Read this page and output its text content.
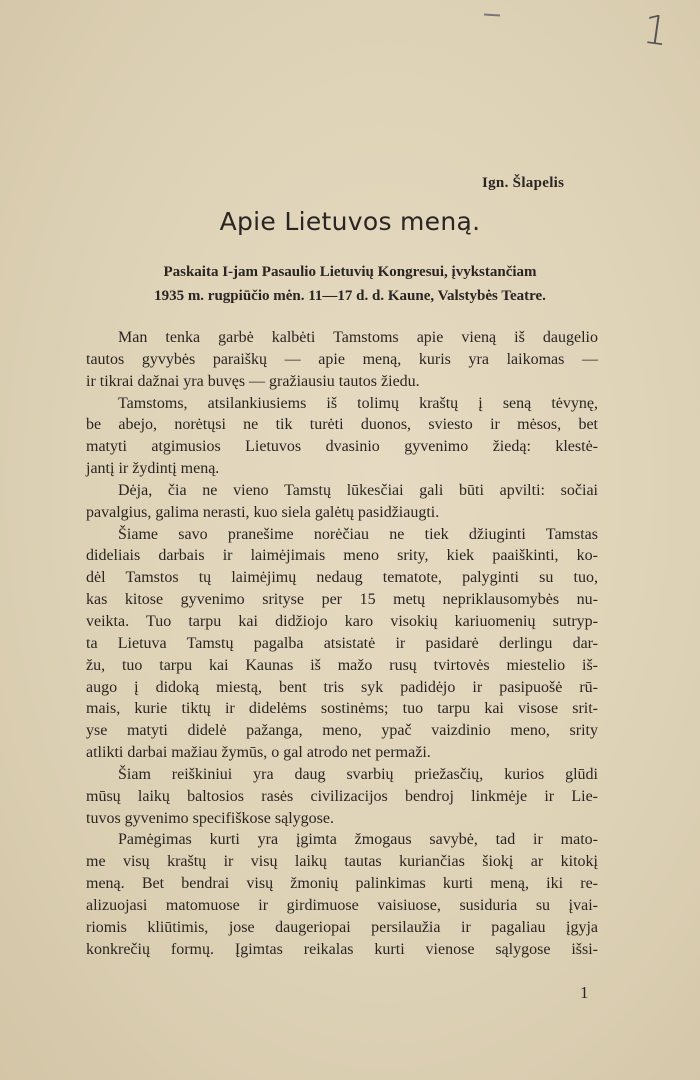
1
Ign. Šlapelis
Apie Lietuvos meną.
Paskaita I-jam Pasaulio Lietuvių Kongresui, įvykstančiam
1935 m. rugpiūčio mėn. 11—17 d. d. Kaune, Valstybės Teatre.
Man tenka garbė kalbėti Tamstoms apie vieną iš daugelio
tautos gyvybės paraiškų — apie meną, kuris yra laikomas —
ir tikrai dažnai yra buvęs — gražiausiu tautos žiedu.
Tamstoms, atsilankiusiems iš tolimų kraštų į seną tėvynę,
be abejo, norėtųsi ne tik turėti duonos, sviesto ir mėsos, bet
matyti atgimusios Lietuvos dvasinio gyvenimo žiedą: klestė-
jantį ir žydintį meną.
Dėja, čia ne vieno Tamstų lūkesčiai gali būti apvilti: sočiai
pavalgius, galima nerasti, kuo siela galėtų pasidžiaugti.
Šiame savo pranešime norėčiau ne tiek džiuginti Tamstas
dideliais darbais ir laimėjimais meno srity, kiek paaiškinti, ko-
dėl Tamstos tų laimėjimų nedaug tematote, palyginti su tuo,
kas kitose gyvenimo srityse per 15 metų nepriklausomybės nu-
veikta. Tuo tarpu kai didžiojo karo visokių kariuomenių sutryp-
ta Lietuva Tamstų pagalba atsistatė ir pasidarė derlingu dar-
žu, tuo tarpu kai Kaunas iš mažo rusų tvirtovės miestelio iš-
augo į didoką miestą, bent tris syk padidėjo ir pasipuošė rū-
mais, kurie tiktų ir didelėms sostinėms; tuo tarpu kai visose srit-
yse matyti didelė pažanga, meno, ypač vaizdinio meno, srity
atlikti darbai mažiau žymūs, o gal atrodo net permaži.
Šiam reiškiniui yra daug svarbių priežasčių, kurios glūdi
mūsų laikų baltosios rasės civilizacijos bendroj linkmėje ir Lie-
tuvos gyvenimo specifiškose sąlygose.
Pamėgimas kurti yra įgimta žmogaus savybė, tad ir mato-
me visų kraštų ir visų laikų tautas kuriančias šiokį ar kitokį
meną. Bet bendrai visų žmonių palinkimas kurti meną, iki re-
alizuojasi matomuose ir girdimuose vaisiuose, susiduria su įvai-
riomis kliūtimis, jose daugeriopai persilaužia ir pagaliau įgyja
konkrečių formų. Įgimtas reikalas kurti vienose sąlygose išsi-
1
